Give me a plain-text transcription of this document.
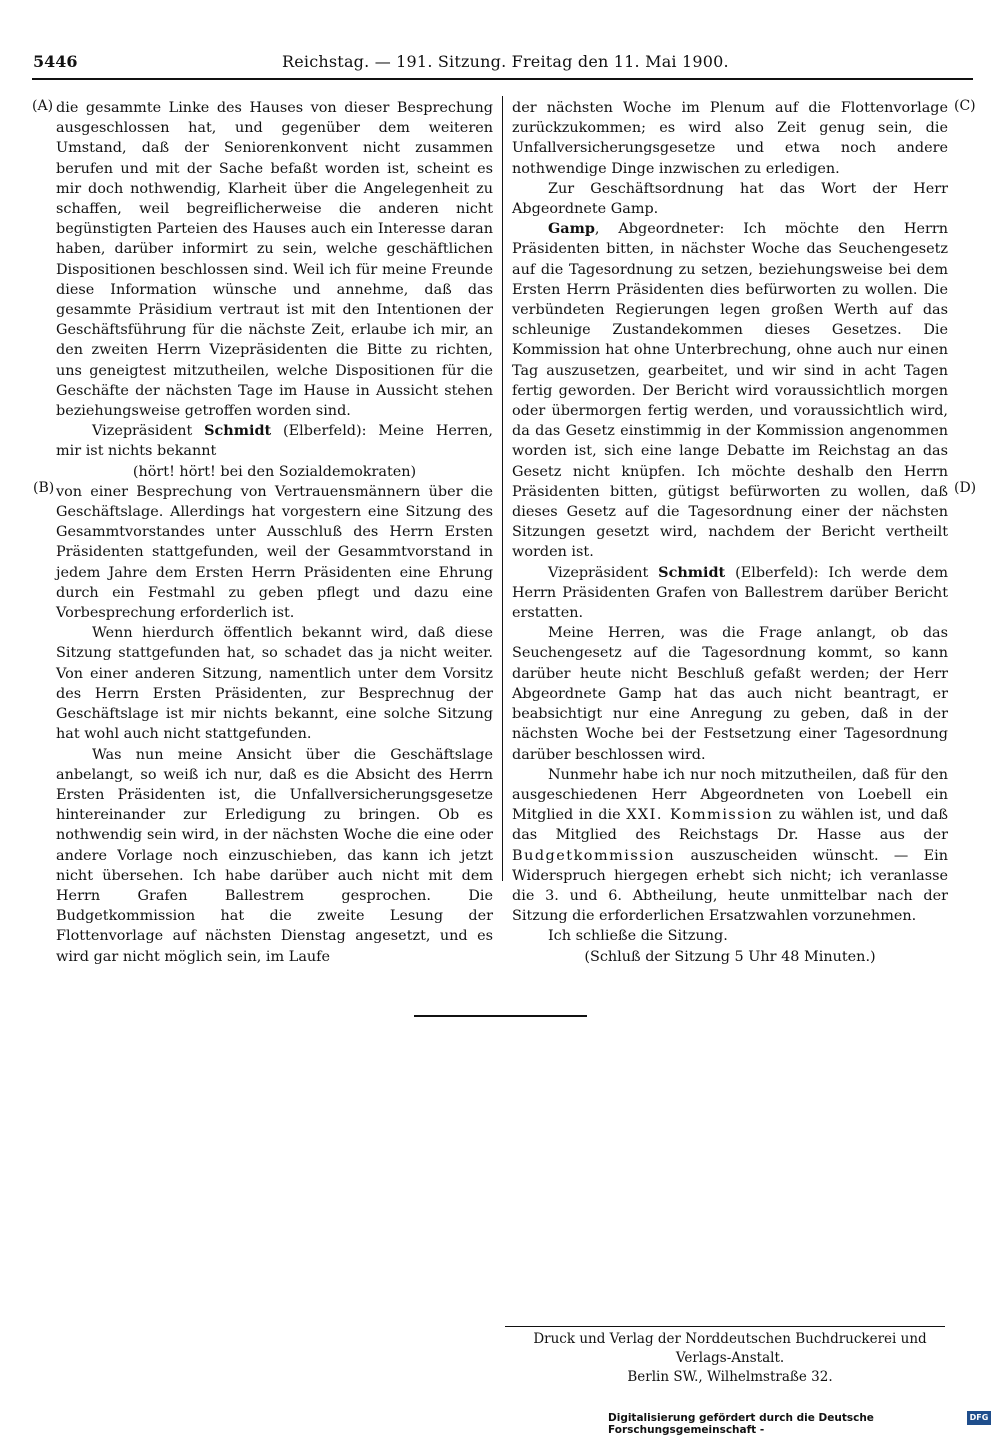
5446	Reichstag. — 191. Sitzung. Freitag den 11. Mai 1900.
(A)
(B)
(C)
(D)

die gesammte Linke des Hauses von dieser Besprechung ausgeschlossen hat, und gegenüber dem weiteren Umstand, daß der Seniorenkonvent nicht zusammen berufen und mit der Sache befaßt worden ist, scheint es mir doch nothwendig, Klarheit über die Angelegenheit zu schaffen, weil begreiflicherweise die anderen nicht begünstigten Parteien des Hauses auch ein Interesse daran haben, darüber informirt zu sein, welche geschäftlichen Dispositionen beschlossen sind. Weil ich für meine Freunde diese Information wünsche und annehme, daß das gesammte Präsidium vertraut ist mit den Intentionen der Geschäftsführung für die nächste Zeit, erlaube ich mir, an den zweiten Herrn Vizepräsidenten die Bitte zu richten, uns geneigtest mitzutheilen, welche Dispositionen für die Geschäfte der nächsten Tage im Hause in Aussicht stehen beziehungsweise getroffen worden sind.

Vizepräsident Schmidt (Elberfeld): Meine Herren, mir ist nichts bekannt

(hört! hört! bei den Sozialdemokraten)

von einer Besprechung von Vertrauensmännern über die Geschäftslage. Allerdings hat vorgestern eine Sitzung des Gesammtvorstandes unter Ausschluß des Herrn Ersten Präsidenten stattgefunden, weil der Gesammtvorstand in jedem Jahre dem Ersten Herrn Präsidenten eine Ehrung durch ein Festmahl zu geben pflegt und dazu eine Vorbesprechung erforderlich ist.

Wenn hierdurch öffentlich bekannt wird, daß diese Sitzung stattgefunden hat, so schadet das ja nicht weiter. Von einer anderen Sitzung, namentlich unter dem Vorsitz des Herrn Ersten Präsidenten, zur Besprechnug der Geschäftslage ist mir nichts bekannt, eine solche Sitzung hat wohl auch nicht stattgefunden.

Was nun meine Ansicht über die Geschäftslage anbelangt, so weiß ich nur, daß es die Absicht des Herrn Ersten Präsidenten ist, die Unfallversicherungsgesetze hintereinander zur Erledigung zu bringen. Ob es nothwendig sein wird, in der nächsten Woche die eine oder andere Vorlage noch einzuschieben, das kann ich jetzt nicht übersehen. Ich habe darüber auch nicht mit dem Herrn Grafen Ballestrem gesprochen. Die Budgetkommission hat die zweite Lesung der Flottenvorlage auf nächsten Dienstag angesetzt, und es wird gar nicht möglich sein, im Laufe

der nächsten Woche im Plenum auf die Flottenvorlage zurückzukommen; es wird also Zeit genug sein, die Unfallversicherungsgesetze und etwa noch andere nothwendige Dinge inzwischen zu erledigen.

Zur Geschäftsordnung hat das Wort der Herr Abgeordnete Gamp.

Gamp, Abgeordneter: Ich möchte den Herrn Präsidenten bitten, in nächster Woche das Seuchengesetz auf die Tagesordnung zu setzen, beziehungsweise bei dem Ersten Herrn Präsidenten dies befürworten zu wollen. Die verbündeten Regierungen legen großen Werth auf das schleunige Zustandekommen dieses Gesetzes. Die Kommission hat ohne Unterbrechung, ohne auch nur einen Tag auszusetzen, gearbeitet, und wir sind in acht Tagen fertig geworden. Der Bericht wird voraussichtlich morgen oder übermorgen fertig werden, und voraussichtlich wird, da das Gesetz einstimmig in der Kommission angenommen worden ist, sich eine lange Debatte im Reichstag an das Gesetz nicht knüpfen. Ich möchte deshalb den Herrn Präsidenten bitten, gütigst befürworten zu wollen, daß dieses Gesetz auf die Tagesordnung einer der nächsten Sitzungen gesetzt wird, nachdem der Bericht vertheilt worden ist.

Vizepräsident Schmidt (Elberfeld): Ich werde dem Herrn Präsidenten Grafen von Ballestrem darüber Bericht erstatten.

Meine Herren, was die Frage anlangt, ob das Seuchengesetz auf die Tagesordnung kommt, so kann darüber heute nicht Beschluß gefaßt werden; der Herr Abgeordnete Gamp hat das auch nicht beantragt, er beabsichtigt nur eine Anregung zu geben, daß in der nächsten Woche bei der Festsetzung einer Tagesordnung darüber beschlossen wird.

Nunmehr habe ich nur noch mitzutheilen, daß für den ausgeschiedenen Herr Abgeordneten von Loebell ein Mitglied in die XXI. Kommission zu wählen ist, und daß das Mitglied des Reichstags Dr. Hasse aus der Budgetkommission auszuscheiden wünscht. — Ein Widerspruch hiergegen erhebt sich nicht; ich veranlasse die 3. und 6. Abtheilung, heute unmittelbar nach der Sitzung die erforderlichen Ersatzwahlen vorzunehmen.

Ich schließe die Sitzung.

(Schluß der Sitzung 5 Uhr 48 Minuten.)

Druck und Verlag der Norddeutschen Buchdruckerei und Verlags-Anstalt.
Berlin SW., Wilhelmstraße 32.
Digitalisierung gefördert durch die Deutsche Forschungsgemeinschaft -
DFG
